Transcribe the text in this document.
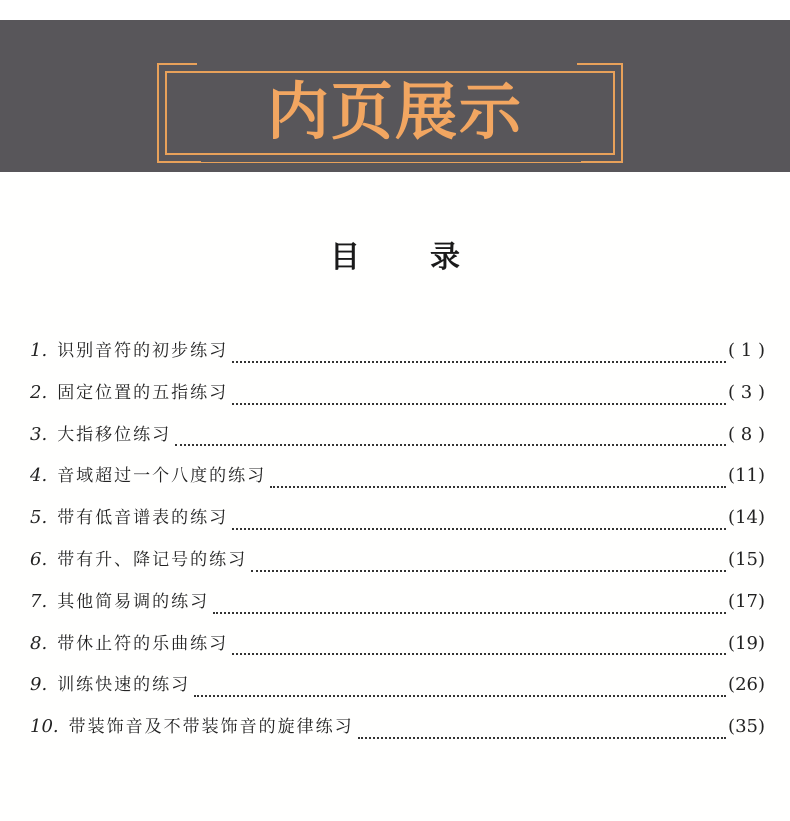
内页展示
目 录
1. 识别音符的初步练习	( 1 )
2. 固定位置的五指练习	( 3 )
3. 大指移位练习	( 8 )
4. 音域超过一个八度的练习	(11)
5. 带有低音谱表的练习	(14)
6. 带有升、降记号的练习	(15)
7. 其他简易调的练习	(17)
8. 带休止符的乐曲练习	(19)
9. 训练快速的练习	(26)
10. 带装饰音及不带装饰音的旋律练习	(35)
